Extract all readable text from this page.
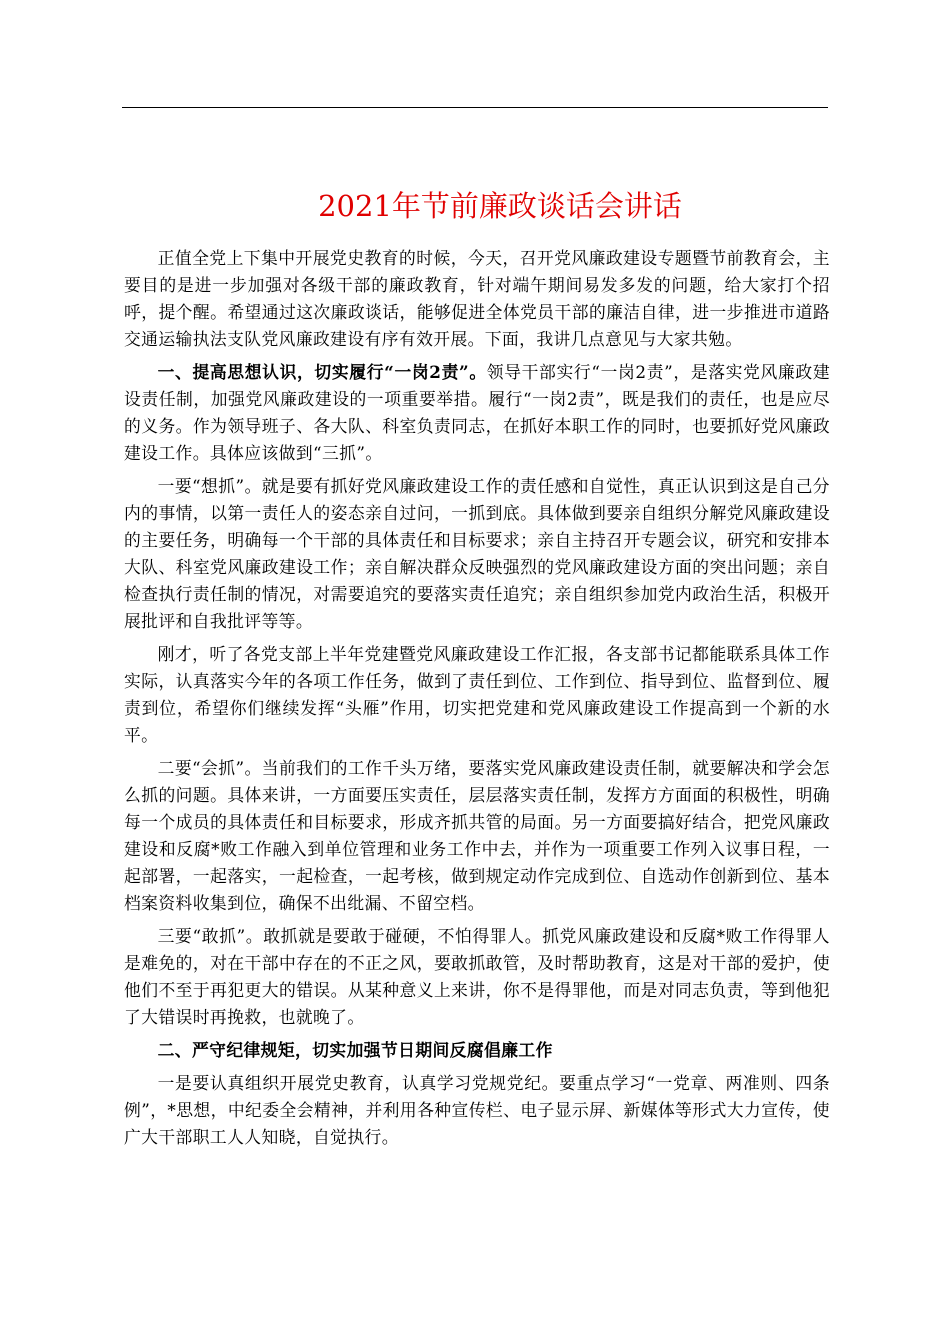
2021年节前廉政谈话会讲话

正值全党上下集中开展党史教育的时候，今天，召开党风廉政建设专题暨节前教育会，主要目的是进一步加强对各级干部的廉政教育，针对端午期间易发多发的问题，给大家打个招呼，提个醒。希望通过这次廉政谈话，能够促进全体党员干部的廉洁自律，进一步推进市道路交通运输执法支队党风廉政建设有序有效开展。下面，我讲几点意见与大家共勉。

一、提高思想认识，切实履行“一岗2责”。领导干部实行“一岗2责”，是落实党风廉政建设责任制，加强党风廉政建设的一项重要举措。履行“一岗2责”，既是我们的责任，也是应尽的义务。作为领导班子、各大队、科室负责同志，在抓好本职工作的同时，也要抓好党风廉政建设工作。具体应该做到“三抓”。

一要“想抓”。就是要有抓好党风廉政建设工作的责任感和自觉性，真正认识到这是自己分内的事情，以第一责任人的姿态亲自过问，一抓到底。具体做到要亲自组织分解党风廉政建设的主要任务，明确每一个干部的具体责任和目标要求；亲自主持召开专题会议，研究和安排本大队、科室党风廉政建设工作；亲自解决群众反映强烈的党风廉政建设方面的突出问题；亲自检查执行责任制的情况，对需要追究的要落实责任追究；亲自组织参加党内政治生活，积极开展批评和自我批评等等。

刚才，听了各党支部上半年党建暨党风廉政建设工作汇报，各支部书记都能联系具体工作实际，认真落实今年的各项工作任务，做到了责任到位、工作到位、指导到位、监督到位、履责到位，希望你们继续发挥“头雁”作用，切实把党建和党风廉政建设工作提高到一个新的水平。

二要“会抓”。当前我们的工作千头万绪，要落实党风廉政建设责任制，就要解决和学会怎么抓的问题。具体来讲，一方面要压实责任，层层落实责任制，发挥方方面面的积极性，明确每一个成员的具体责任和目标要求，形成齐抓共管的局面。另一方面要搞好结合，把党风廉政建设和反腐*败工作融入到单位管理和业务工作中去，并作为一项重要工作列入议事日程，一起部署，一起落实，一起检查，一起考核，做到规定动作完成到位、自选动作创新到位、基本档案资料收集到位，确保不出纰漏、不留空档。

三要“敢抓”。敢抓就是要敢于碰硬，不怕得罪人。抓党风廉政建设和反腐*败工作得罪人是难免的，对在干部中存在的不正之风，要敢抓敢管，及时帮助教育，这是对干部的爱护，使他们不至于再犯更大的错误。从某种意义上来讲，你不是得罪他，而是对同志负责，等到他犯了大错误时再挽救，也就晚了。

二、严守纪律规矩，切实加强节日期间反腐倡廉工作

一是要认真组织开展党史教育，认真学习党规党纪。要重点学习“一党章、两准则、四条例”，*思想，中纪委全会精神，并利用各种宣传栏、电子显示屏、新媒体等形式大力宣传，使广大干部职工人人知晓，自觉执行。
